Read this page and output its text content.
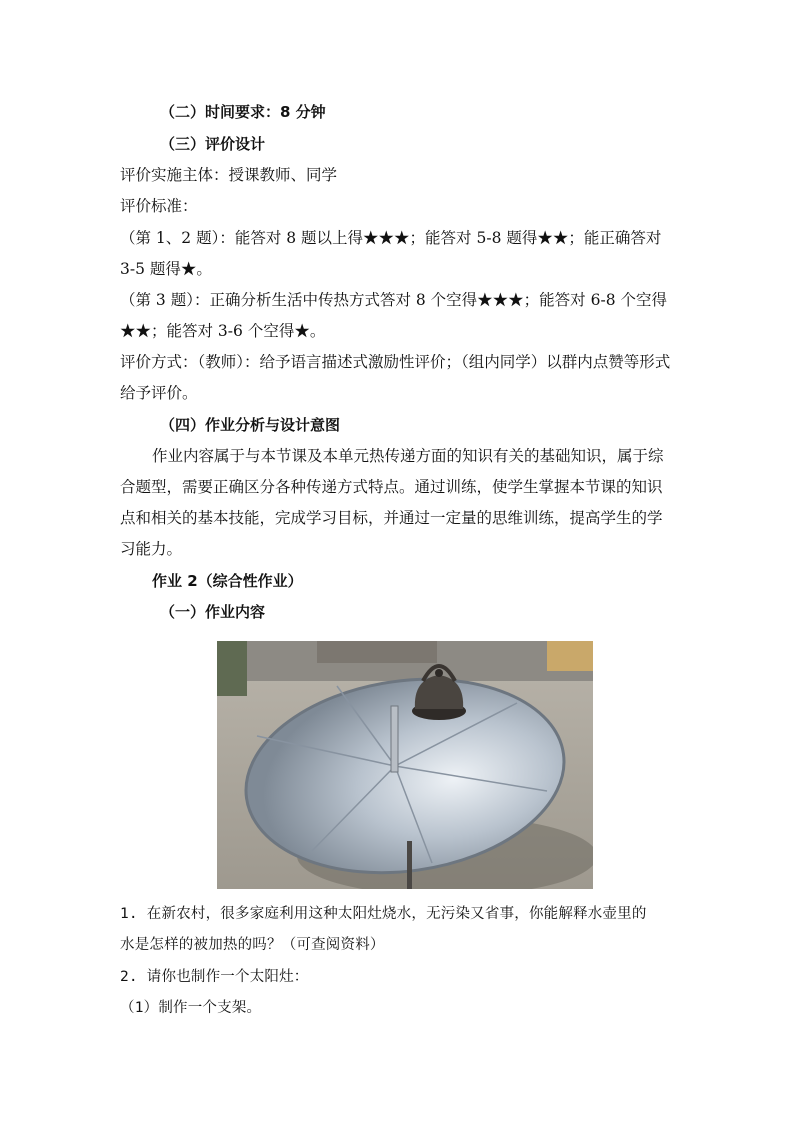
（二）时间要求：8 分钟
（三）评价设计
评价实施主体：授课教师、同学
评价标准：
（第 1、2 题）：能答对 8 题以上得★★★；能答对 5-8 题得★★；能正确答对
3-5 题得★。
（第 3 题）：正确分析生活中传热方式答对 8 个空得★★★；能答对 6-8 个空得
★★；能答对 3-6 个空得★。
评价方式：（教师）：给予语言描述式激励性评价；（组内同学）以群内点赞等形式
给予评价。
（四）作业分析与设计意图
作业内容属于与本节课及本单元热传递方面的知识有关的基础知识，属于综
合题型，需要正确区分各种传递方式特点。通过训练，使学生掌握本节课的知识
点和相关的基本技能，完成学习目标，并通过一定量的思维训练，提高学生的学
习能力。
作业 2（综合性作业）
（一）作业内容
1. 在新农村，很多家庭利用这种太阳灶烧水，无污染又省事，你能解释水壶里的
水是怎样的被加热的吗？（可查阅资料）
2. 请你也制作一个太阳灶：
（1）制作一个支架。
